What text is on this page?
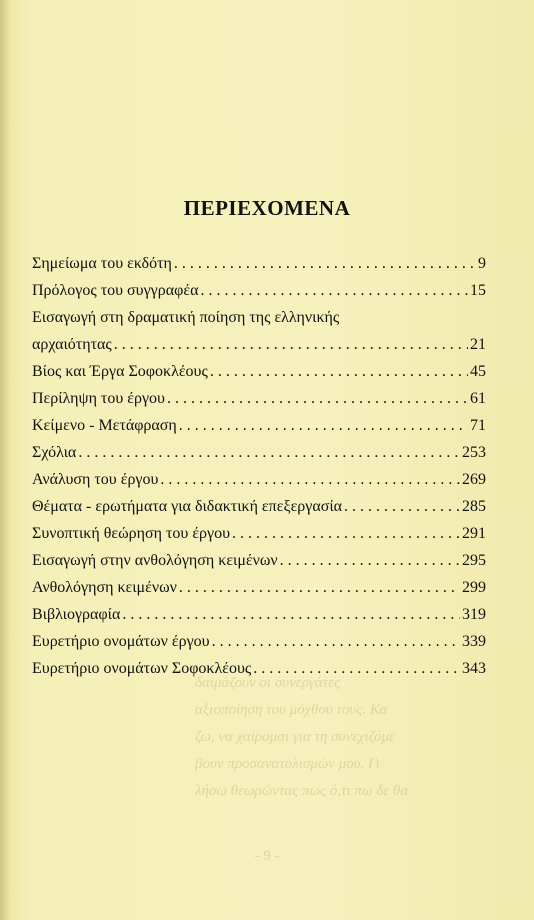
ΠΕΡΙΕΧΟΜΕΝΑ
Σημείωμα του εκδότη . . .	9
Πρόλογος του συγγραφέα . . .	15
Εισαγωγή στη δραματική ποίηση της ελληνικής
αρχαιότητας . . .	21
Βίος και Έργα Σοφοκλέους . . .	45
Περίληψη του έργου . . .	61
Κείμενο - Μετάφραση . . .	71
Σχόλια . . .	253
Ανάλυση του έργου . . .	269
Θέματα - ερωτήματα για διδακτική επεξεργασία . . .	285
Συνοπτική θεώρηση του έργου . . .	291
Εισαγωγή στην ανθολόγηση κειμένων . . .	295
Ανθολόγηση κειμένων . . .	299
Βιβλιογραφία . . .	319
Ευρετήριο ονομάτων έργου . . .	339
Ευρετήριο ονομάτων Σοφοκλέους . . .	343
δαιμάζουν οι συνεργάτες
αξιοποίηση του μόχθου τους. Κα
ζω, να χαίρομαι για τη συνεχιζόμε
βουν προσανατολισμών μου. Γι
λήσω θεωρώντας πως ό,τι πω δε θα
- 9 -
